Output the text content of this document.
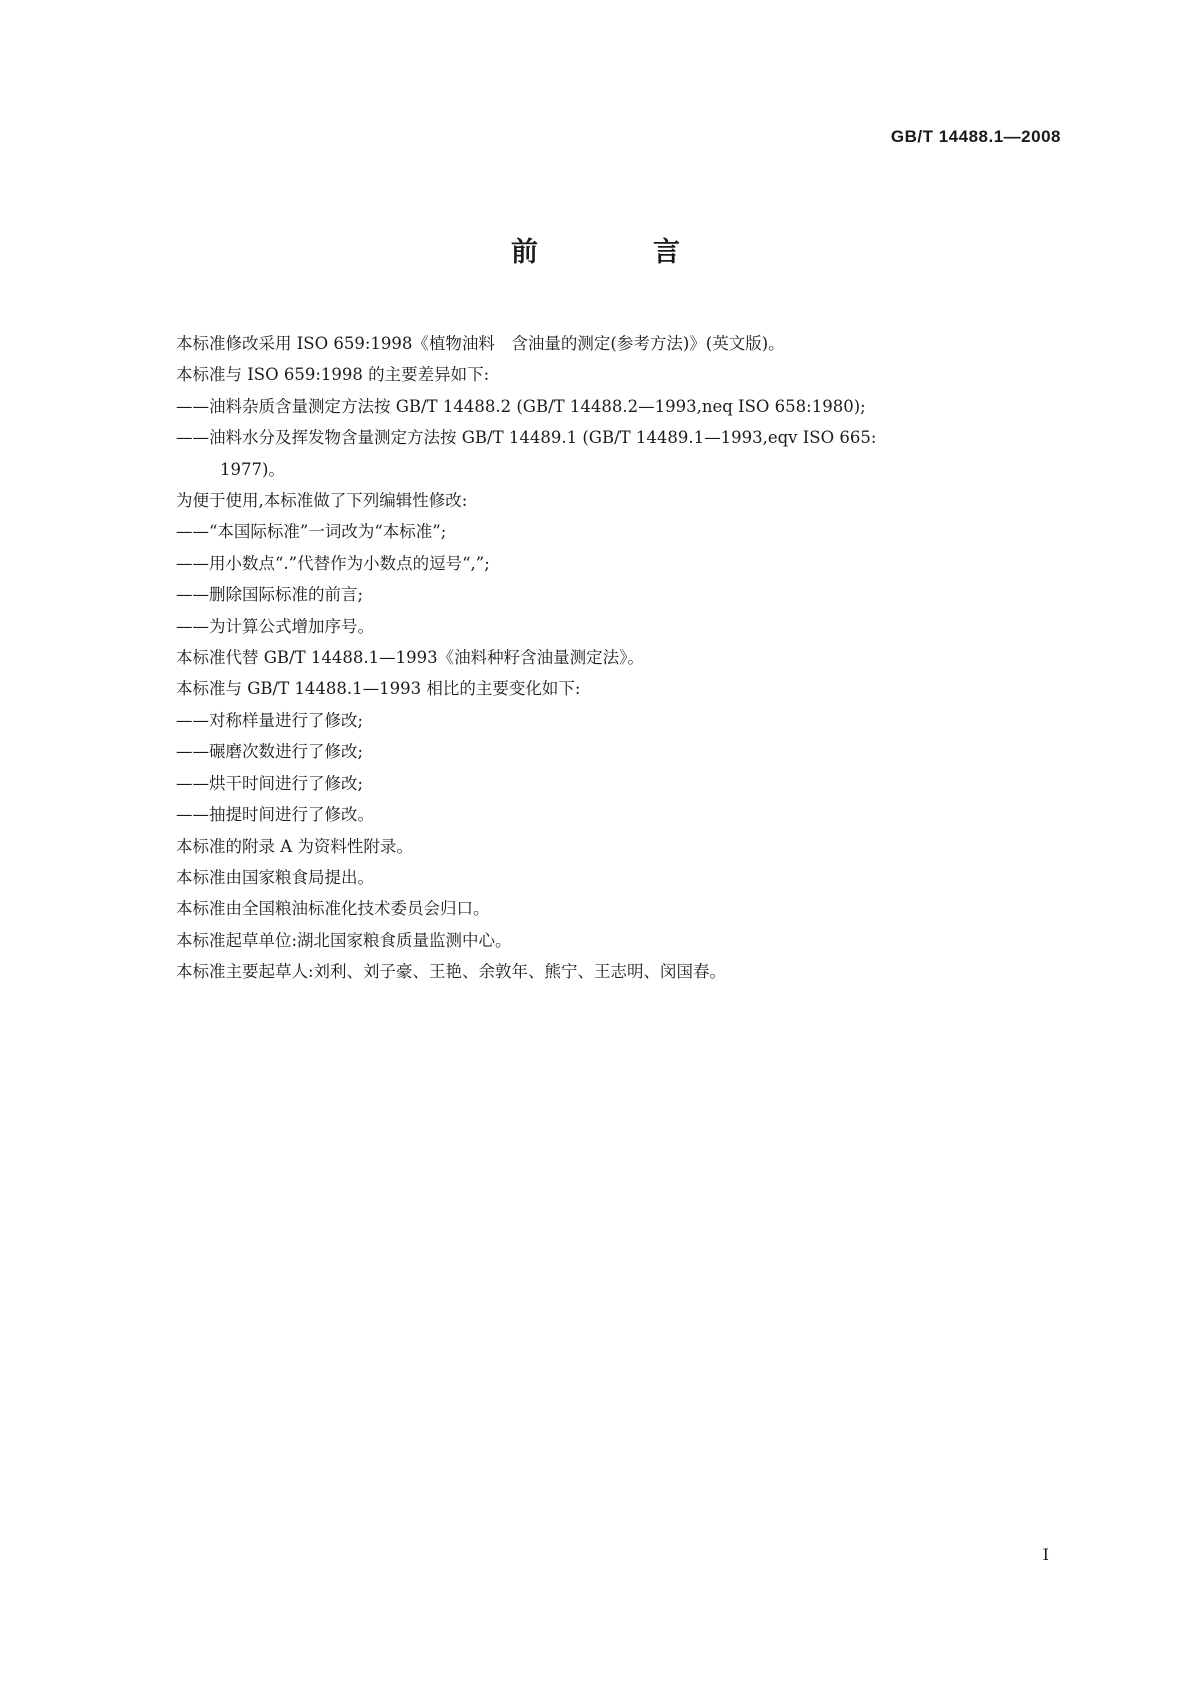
GB/T 14488.1—2008
前　言
本标准修改采用 ISO 659:1998《植物油料　含油量的测定(参考方法)》(英文版)。
本标准与 ISO 659:1998 的主要差异如下:
——油料杂质含量测定方法按 GB/T 14488.2 (GB/T 14488.2—1993,neq ISO 658:1980);
——油料水分及挥发物含量测定方法按 GB/T 14489.1 (GB/T 14489.1—1993,eqv ISO 665:
1977)。
为便于使用,本标准做了下列编辑性修改:
——“本国际标准”一词改为“本标准”;
——用小数点“.”代替作为小数点的逗号“,”;
——删除国际标准的前言;
——为计算公式增加序号。
本标准代替 GB/T 14488.1—1993《油料种籽含油量测定法》。
本标准与 GB/T 14488.1—1993 相比的主要变化如下:
——对称样量进行了修改;
——碾磨次数进行了修改;
——烘干时间进行了修改;
——抽提时间进行了修改。
本标准的附录 A 为资料性附录。
本标准由国家粮食局提出。
本标准由全国粮油标准化技术委员会归口。
本标准起草单位:湖北国家粮食质量监测中心。
本标准主要起草人:刘利、刘子豪、王艳、余敦年、熊宁、王志明、闵国春。
I
